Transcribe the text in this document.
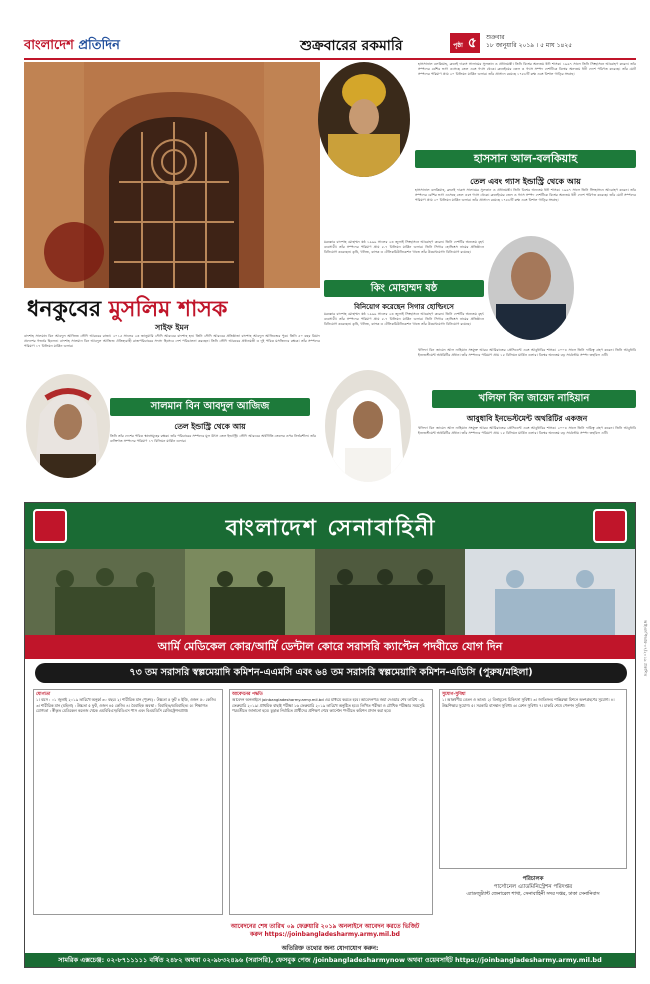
বাংলাদেশ প্রতিদিন	শুক্রবারের রকমারি	পৃষ্ঠা ৫	শুক্রবার
১৮ জানুয়ারি ২০১৯ । ৫ মাঘ ১৪২৫
হাসসানাল বলকিয়াহ, ব্রুনেই দারুস সালামের সুলতান ও প্রধানমন্ত্রী। তিনি বিশ্বের অন্যতম ধনী শাসক। ১৯৬৭ সালে তিনি সিংহাসনে আরোহণ করেন। তাঁর সম্পদের বেশির ভাগ এসেছে তেল এবং গ্যাস থেকে। ব্রুনেইয়ের তেল ও গ্যাস সম্পদ দেশটিকে বিশ্বের অন্যতম ধনী দেশে পরিণত করেছে। তাঁর মোট সম্পদের পরিমাণ প্রায় ২০ বিলিয়ন মার্কিন ডলার। তাঁর প্রাসাদে রয়েছে ১৭৮৮টি কক্ষ এবং বিশাল গাড়ির সংগ্রহ।
হাসসান আল-বলকিয়াহ
তেল এবং গ্যাস ইন্ডাস্ট্রি থেকে আয়
হাসসানাল বলকিয়াহ, ব্রুনেই দারুস সালামের সুলতান ও প্রধানমন্ত্রী। তিনি বিশ্বের অন্যতম ধনী শাসক। ১৯৬৭ সালে তিনি সিংহাসনে আরোহণ করেন। তাঁর সম্পদের বেশির ভাগ এসেছে তেল এবং গ্যাস থেকে। ব্রুনেইয়ের তেল ও গ্যাস সম্পদ দেশটিকে বিশ্বের অন্যতম ধনী দেশে পরিণত করেছে। তাঁর মোট সম্পদের পরিমাণ প্রায় ২০ বিলিয়ন মার্কিন ডলার। তাঁর প্রাসাদে রয়েছে ১৭৮৮টি কক্ষ এবং বিশাল গাড়ির সংগ্রহ।
মরক্কোর বাদশাহ মোহাম্মদ ষষ্ঠ ১৯৯৯ সালের ২৩ জুলাই সিংহাসনে আরোহণ করেন। তিনি দেশটির অন্যতম বৃহৎ ব্যবসায়ী। তাঁর সম্পদের পরিমাণ প্রায় ৫.৭ বিলিয়ন মার্কিন ডলার। তিনি সিগার হোল্ডিংস নামের প্রতিষ্ঠানে বিনিয়োগ করেছেন। কৃষি, খনিজ, ব্যাংক ও টেলিকমিউনিকেশন খাতে তাঁর উল্লেখযোগ্য বিনিয়োগ রয়েছে।
ধনকুবের মুসলিম শাসক
সাইফ ইমন
বাদশাহ সালমান বিন আবদুল আজিজ সৌদি আরবের রাজা। ২০১৫ সালের ২৩ জানুয়ারি সৌদি আরবের বাদশাহ হন। তিনি সৌদি আরবের প্রতিষ্ঠাতা বাদশাহ আবদুল আজিজের পুত্র। তিনি ৫০ বছর রিয়াদ প্রদেশের গভর্নর ছিলেন। বাদশাহ সালমান বিন আবদুল আজিজ ঐতিহ্যবাহী রাজপরিবারের সদস্য হিসেবে দেশ পরিচালনা করছেন। তিনি সৌদি আরবের প্রধানমন্ত্রী ও দুই পবিত্র মসজিদের রক্ষক। তাঁর সম্পদের পরিমাণ ১৭ বিলিয়ন মার্কিন ডলার।
কিং মোহাম্মদ ষষ্ঠ
বিনিয়োগ করেছেন সিগার হোল্ডিংসে
মরক্কোর বাদশাহ মোহাম্মদ ষষ্ঠ ১৯৯৯ সালের ২৩ জুলাই সিংহাসনে আরোহণ করেন। তিনি দেশটির অন্যতম বৃহৎ ব্যবসায়ী। তাঁর সম্পদের পরিমাণ প্রায় ৫.৭ বিলিয়ন মার্কিন ডলার। তিনি সিগার হোল্ডিংস নামের প্রতিষ্ঠানে বিনিয়োগ করেছেন। কৃষি, খনিজ, ব্যাংক ও টেলিকমিউনিকেশন খাতে তাঁর উল্লেখযোগ্য বিনিয়োগ রয়েছে।
সালমান বিন আবদুল আজিজ
তেল ইন্ডাস্ট্রি থেকে আয়
তিনি তাঁর দেশের পবিত্র স্থানসমূহের রক্ষক। তাঁর পরিবারের সম্পদের মূল উৎস তেল ইন্ডাস্ট্রি। সৌদি আরবের অর্থনীতি তেলের ওপর নির্ভরশীল। তাঁর ব্যক্তিগত সম্পদের পরিমাণ ১৭ বিলিয়ন মার্কিন ডলার।
খলিফা বিন জায়েদ আল নাহিয়ান সংযুক্ত আরব আমিরাতের প্রেসিডেন্ট এবং আবুধাবির শাসক। ২০০৪ সালে তিনি দায়িত্ব গ্রহণ করেন। তিনি আবুধাবি ইনভেস্টমেন্ট অথরিটির প্রধান। তাঁর সম্পদের পরিমাণ প্রায় ১৫ বিলিয়ন মার্কিন ডলার। বিশ্বের অন্যতম বড় সার্বভৌম সম্পদ তহবিল এটি।
খলিফা বিন জায়েদ নাহিয়ান
আবুধাবি ইনভেস্টমেন্ট অথরিটির একজন
খলিফা বিন জায়েদ আল নাহিয়ান সংযুক্ত আরব আমিরাতের প্রেসিডেন্ট এবং আবুধাবির শাসক। ২০০৪ সালে তিনি দায়িত্ব গ্রহণ করেন। তিনি আবুধাবি ইনভেস্টমেন্ট অথরিটির প্রধান। তাঁর সম্পদের পরিমাণ প্রায় ১৫ বিলিয়ন মার্কিন ডলার। বিশ্বের অন্যতম বড় সার্বভৌম সম্পদ তহবিল এটি।
বাংলাদেশ সেনাবাহিনী
আর্মি মেডিকেল কোর/আর্মি ডেন্টাল কোরে সরাসরি ক্যাপ্টেন পদবীতে যোগ দিন
৭৩ তম সরাসরি স্বল্পমেয়াদি কমিশন-এএমসি এবং ৬৪ তম সরাসরি স্বল্পমেয়াদি কমিশন-এডিসি (পুরুষ/মহিলা)
যোগ্যতা
১। বয়স : ০১ জুলাই ২০১৯ তারিখে অনূর্ধ্ব ৩০ বছর। ২। শারীরিক মান (পুরুষ) : উচ্চতা ৫ ফুট ৪ ইঞ্চি, ওজন ৫০ কেজি। ৩। শারীরিক মান (মহিলা) : উচ্চতা ৫ ফুট, ওজন ৪৫ কেজি। ৪। বৈবাহিক অবস্থা : বিবাহিত/অবিবাহিত। ৫। শিক্ষাগত যোগ্যতা : স্বীকৃত মেডিকেল কলেজ থেকে এমবিবিএস/বিডিএস পাস এবং বিএমডিসি রেজিস্ট্রেশনপ্রাপ্ত।
আবেদনের পদ্ধতি
আবেদন অনলাইনে joinbangladesharmy.army.mil.bd এর মাধ্যমে করতে হবে। আবেদনপত্র জমা দেওয়ার শেষ তারিখ ০৯ ফেব্রুয়ারি ২০১৯। প্রাথমিক বাছাই পরীক্ষা ১৬ ফেব্রুয়ারি ২০১৯ তারিখে অনুষ্ঠিত হবে। লিখিত পরীক্ষা ও মৌখিক পরীক্ষার সময়সূচি পরবর্তীতে জানানো হবে। চূড়ান্ত নির্বাচিত প্রার্থীদের প্রশিক্ষণ শেষে ক্যাপ্টেন পদবীতে কমিশন প্রদান করা হবে।
সুযোগ-সুবিধা
১। আকর্ষণীয় বেতন ও ভাতা। ২। বিনামূল্যে চিকিৎসা সুবিধা। ৩। জাতিসংঘ শান্তিরক্ষা মিশনে অংশগ্রহণের সুযোগ। ৪। উচ্চশিক্ষার সুযোগ। ৫। সরকারি বাসস্থান সুবিধা। ৬। রেশন সুবিধা। ৭। চাকরি শেষে পেনশন সুবিধা।
পরিচালক
পার্সোনেল এ্যাডমিনিস্ট্রেশন পরিদপ্তর
এ্যাডজুট্যান্ট জেনারেল শাখা, সেনাবাহিনী সদর দপ্তর, ঢাকা সেনানিবাস
আবেদনের শেষ তারিখ ০৯ ফেব্রুয়ারি ২০১৯ অনলাইনে আবেদন করতে ভিজিট করুন https://joinbangladesharmy.army.mil.bd
অতিরিক্ত তথ্যের জন্য যোগাযোগ করুন:
সামরিক এক্সচেঞ্জ: ০২-৮৭১১১১১ বর্ধিত ২৪৮২ অথবা ০২-৯৮৩২৪৯৬ (সরাসরি), ফেসবুক পেজ /joinbangladesharmynow অথবা ওয়েবসাইট https://joinbangladesharmy.army.mil.bd
আইএসপিআর-০৭/২০১৯ প্রকাশিত
